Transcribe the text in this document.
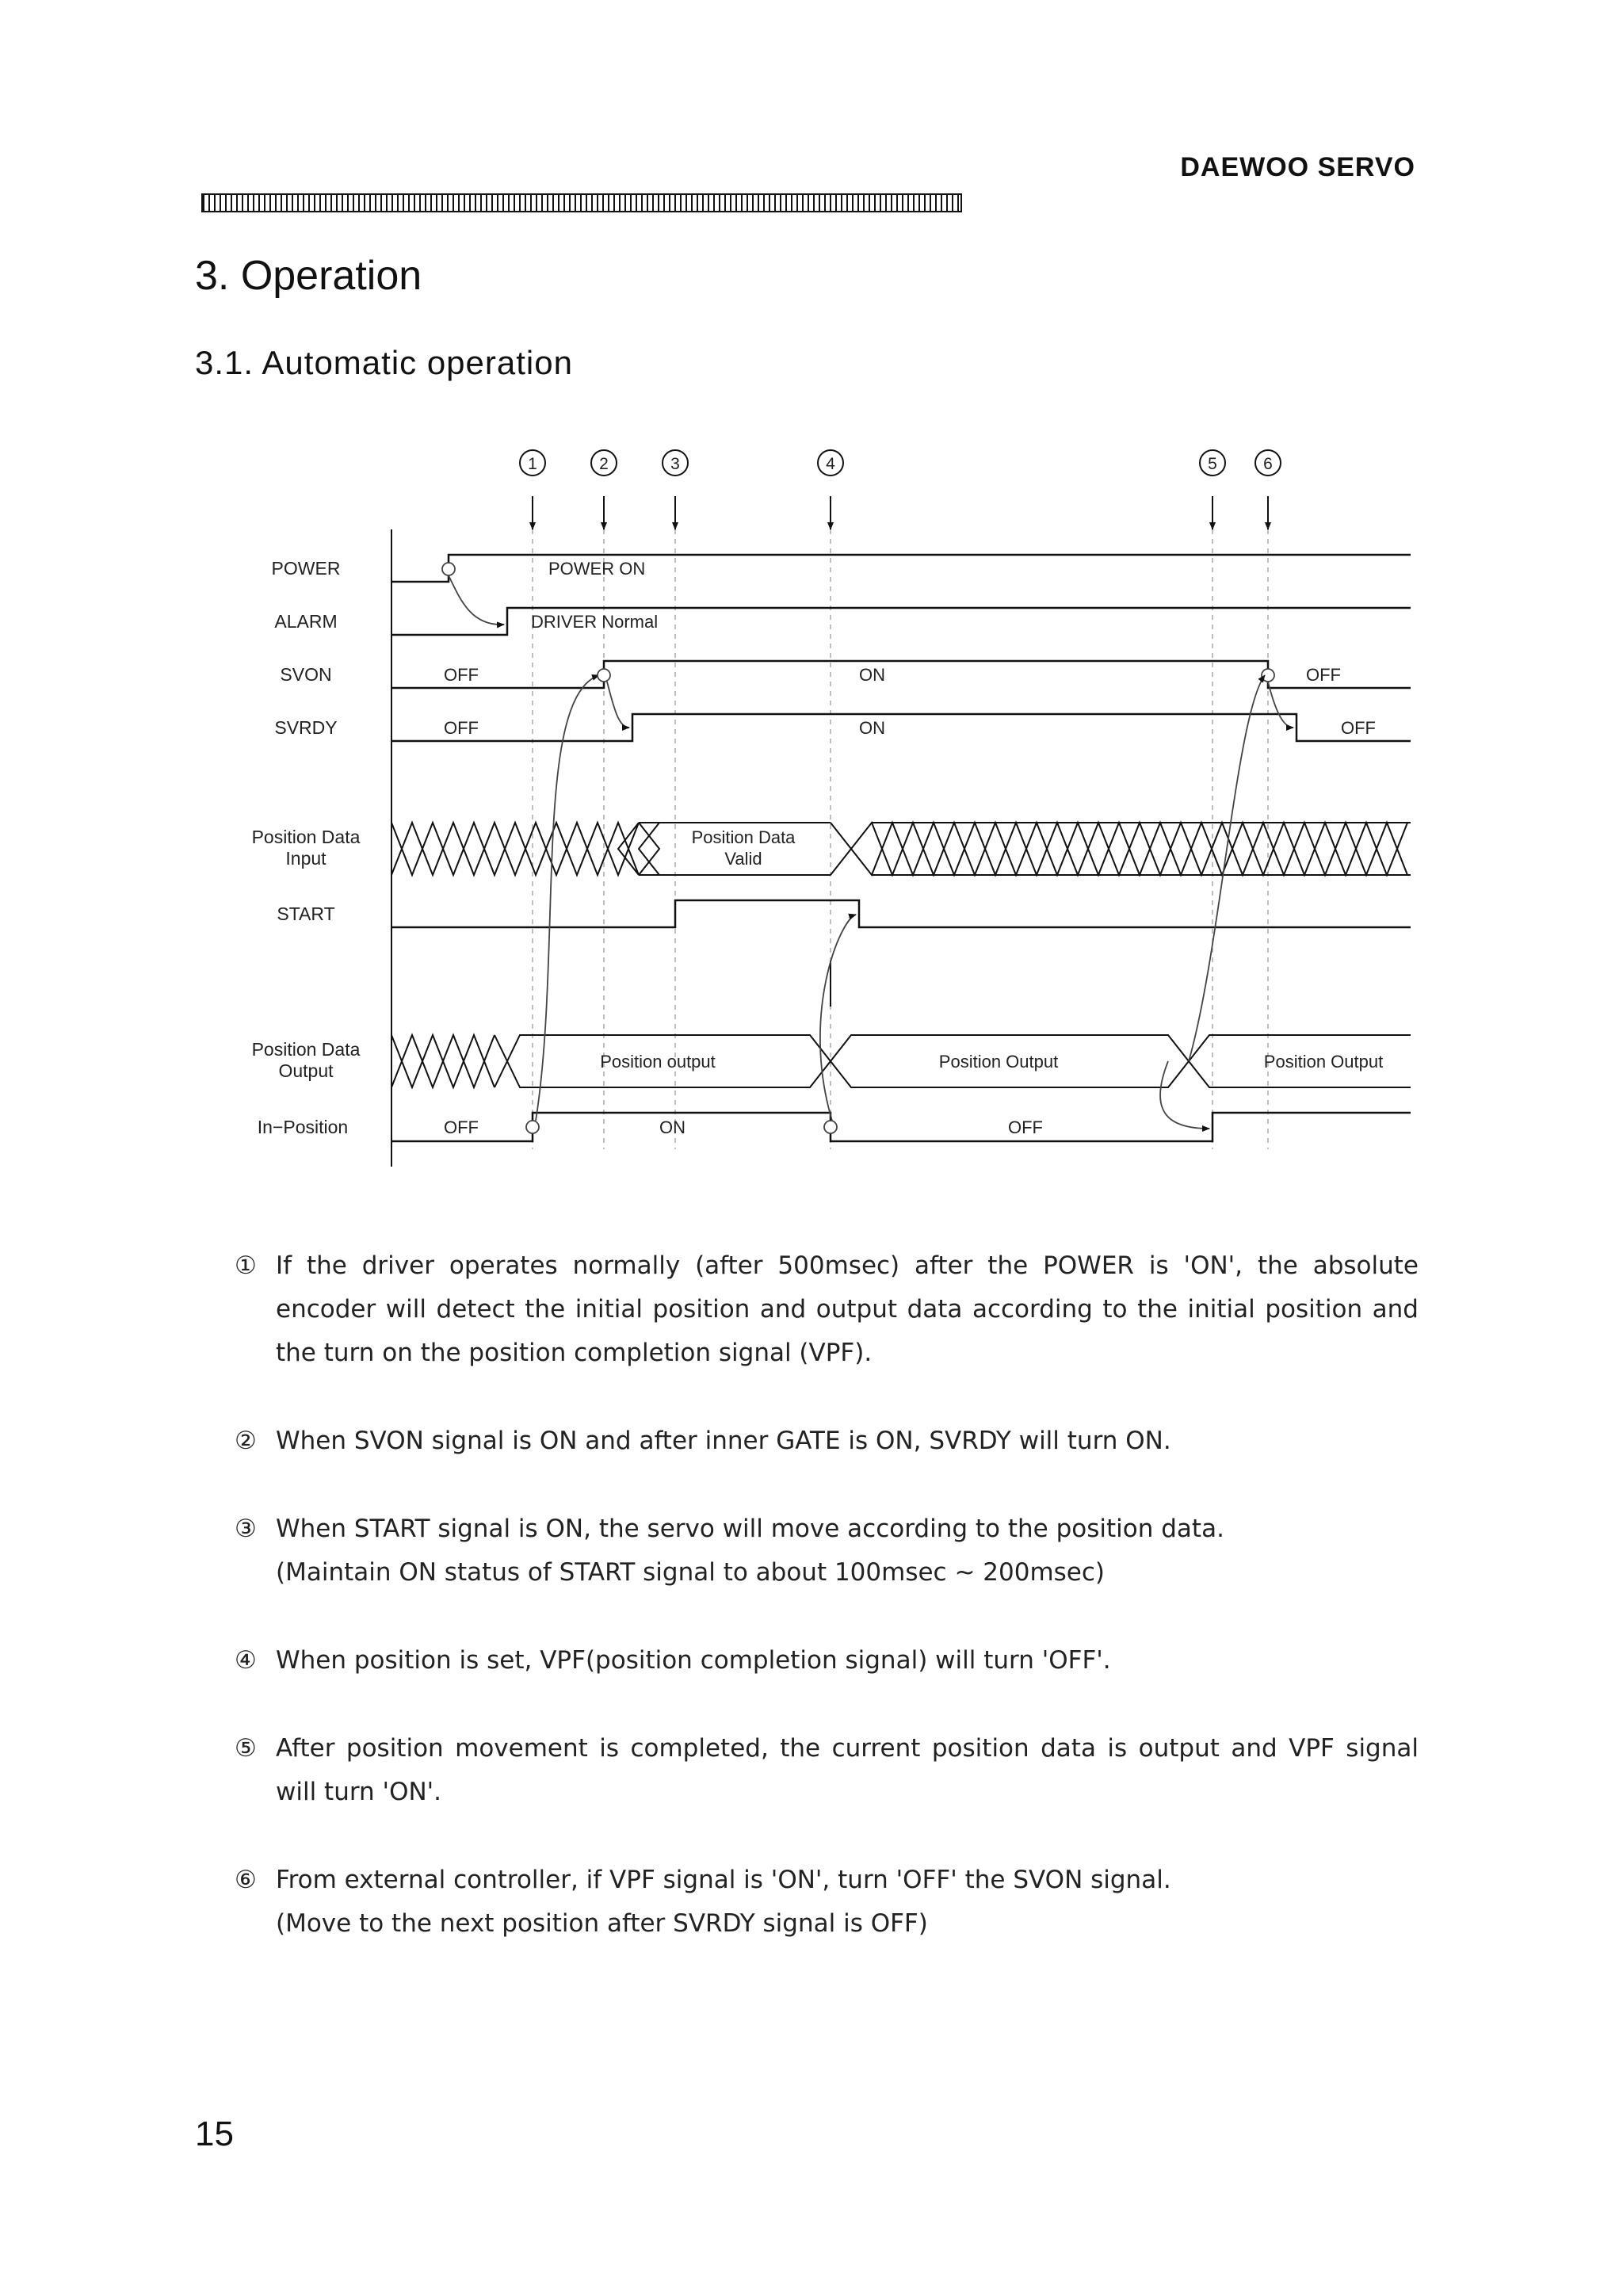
DAEWOO SERVO
3. Operation
3.1. Automatic operation
1	2	3	4	5	6
POWER
ALARM
SVON
SVRDY
Position Data
Input
START
Position Data
Output
In−Position
POWER ON
DRIVER Normal
OFF	ON	OFF
OFF	ON	OFF
Position Data
Valid
Position output	Position Output	Position Output
OFF	ON	OFF
① If the driver operates normally (after 500msec) after the POWER is 'ON', the absolute encoder will detect the initial position and output data according to the initial position and the turn on the position completion signal (VPF).
② When SVON signal is ON and after inner GATE is ON, SVRDY will turn ON.
③ When START signal is ON, the servo will move according to the position data.
(Maintain ON status of START signal to about 100msec ~ 200msec)
④ When position is set, VPF(position completion signal) will turn 'OFF'.
⑤ After position movement is completed, the current position data is output and VPF signal will turn 'ON'.
⑥ From external controller, if VPF signal is 'ON', turn 'OFF' the SVON signal.
(Move to the next position after SVRDY signal is OFF)
15
